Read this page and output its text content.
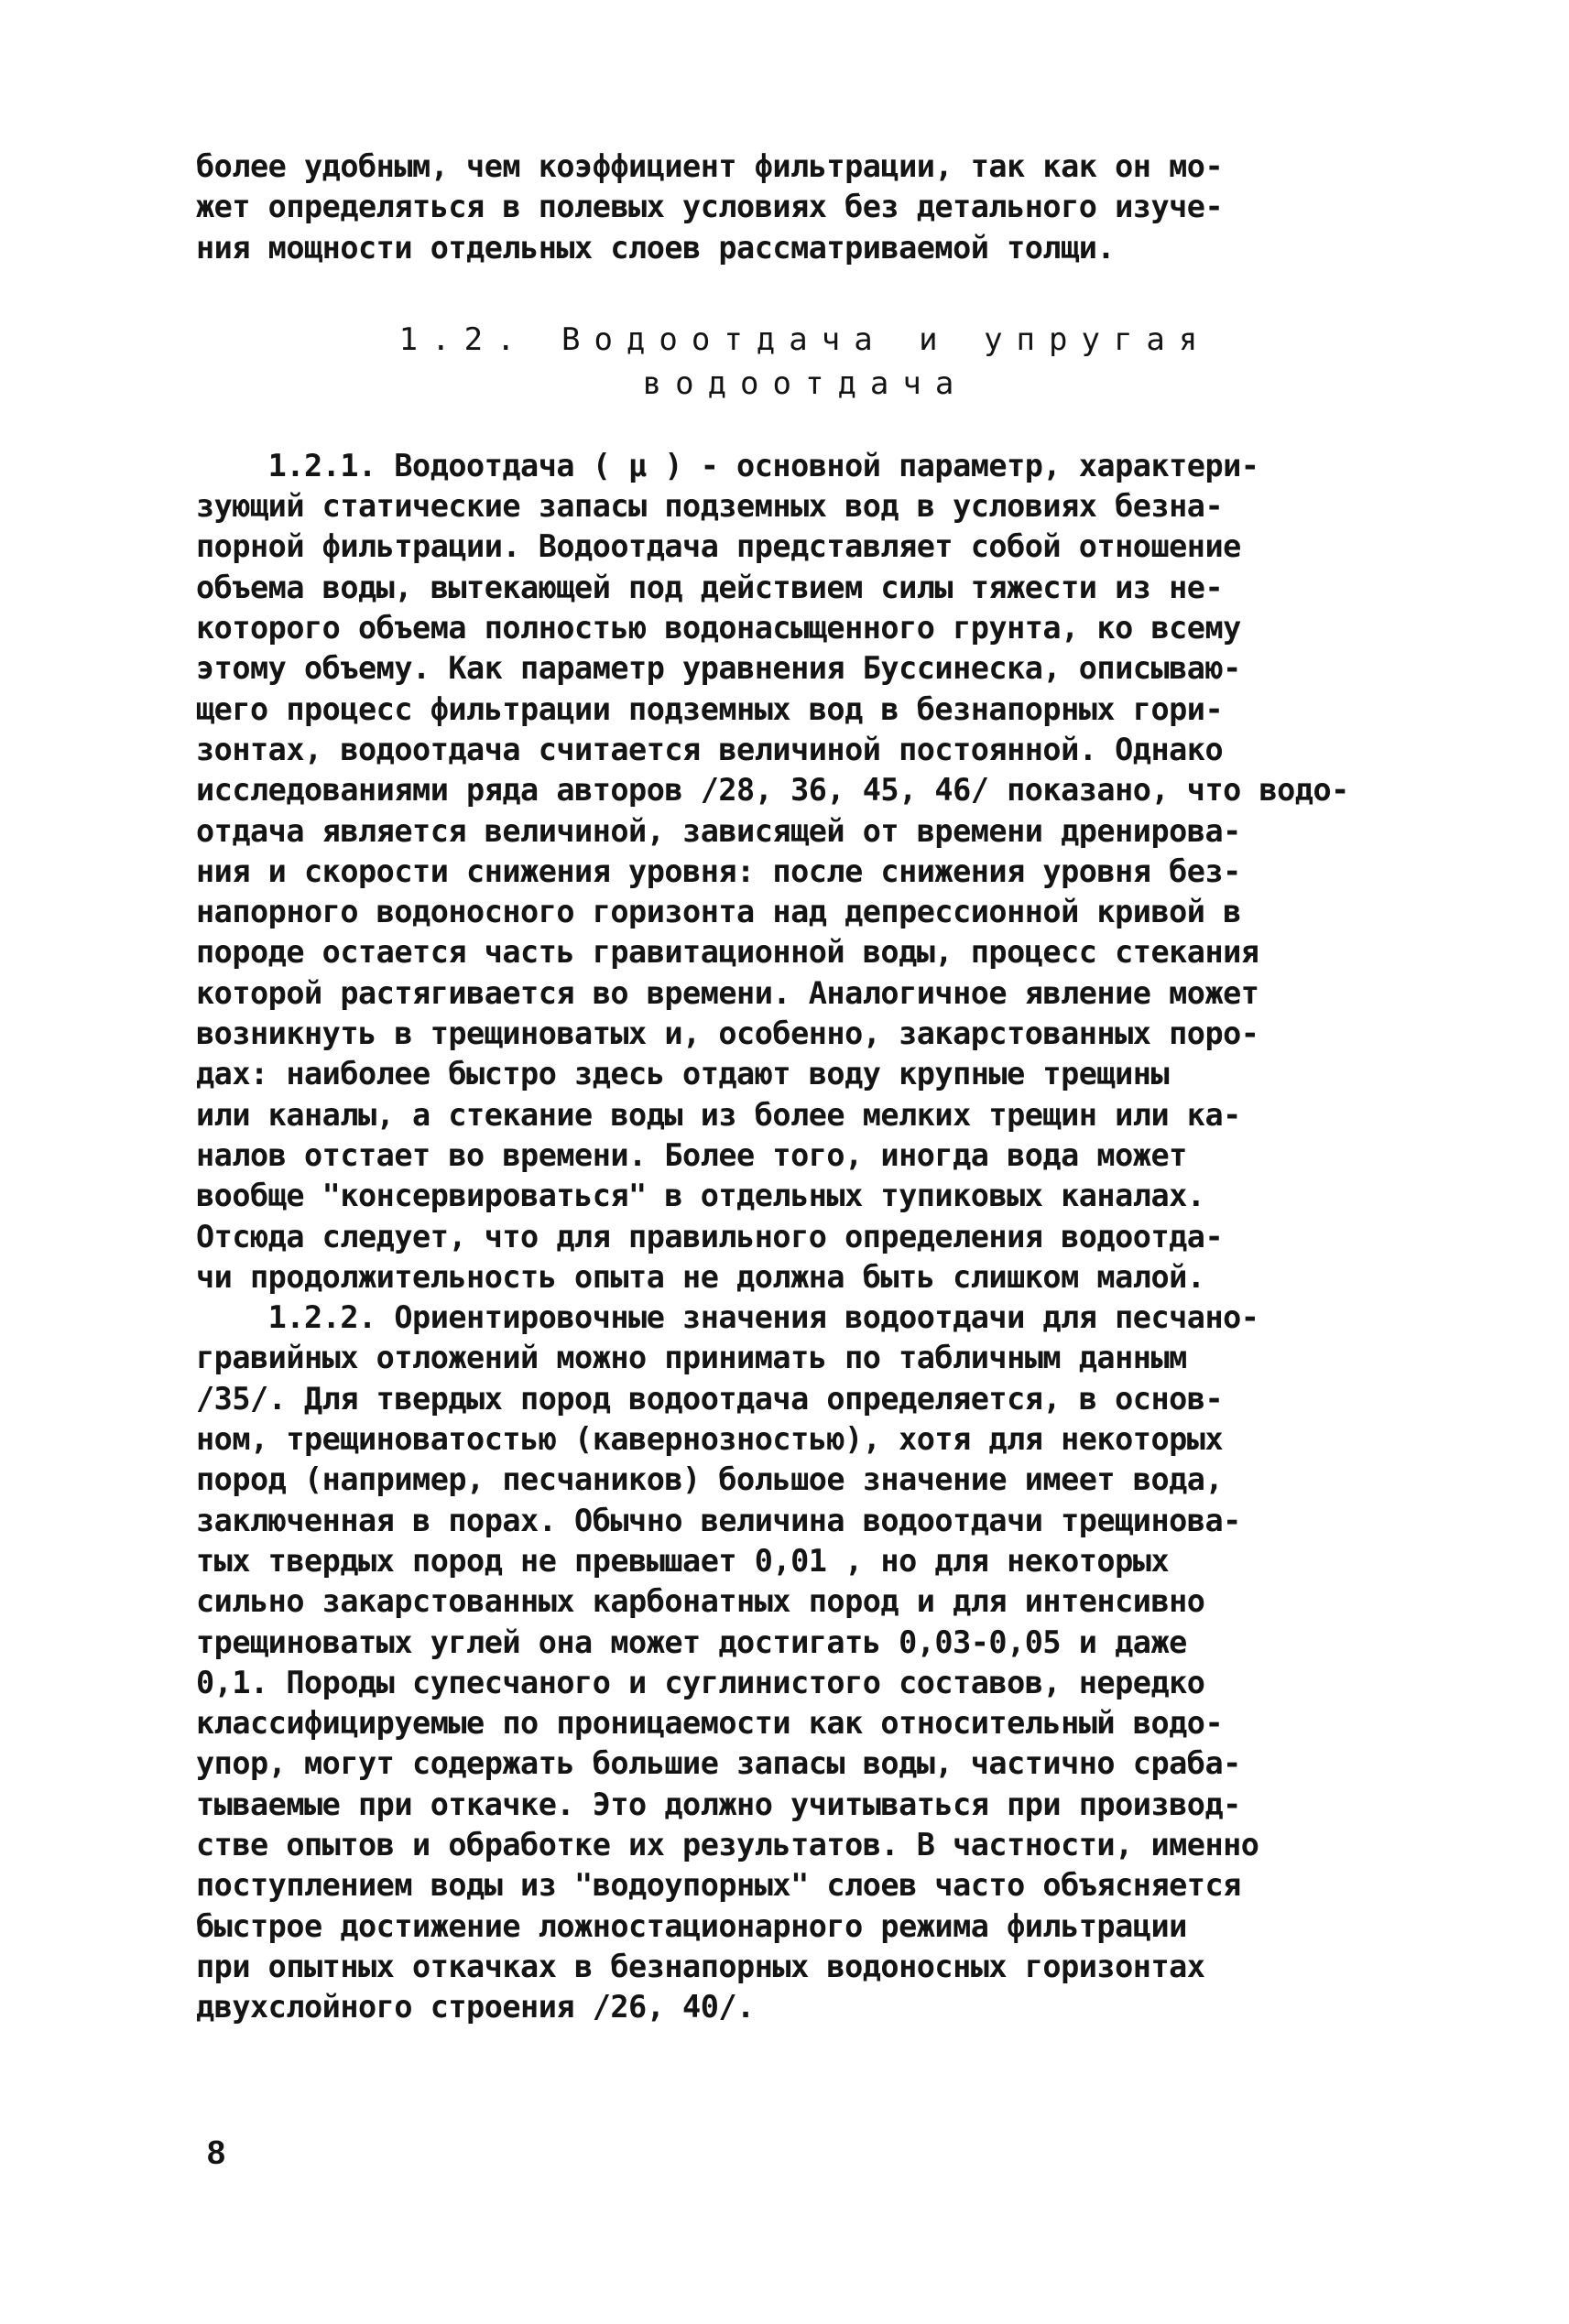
более удобным, чем коэффициент фильтрации, так как он мо-
жет определяться в полевых условиях без детального изуче-
ния мощности отдельных слоев рассматриваемой толщи.
1.2. Водоотдача и упругая
водоотдача
1.2.1. Водоотдача ( μ ) - основной параметр, характери-
зующий статические запасы подземных вод в условиях безна-
порной фильтрации. Водоотдача представляет собой отношение
объема воды, вытекающей под действием силы тяжести из не-
которого объема полностью водонасыщенного грунта, ко всему
этому объему. Как параметр уравнения Буссинеска, описываю-
щего процесс фильтрации подземных вод в безнапорных гори-
зонтах, водоотдача считается величиной постоянной. Однако
исследованиями ряда авторов /28, 36, 45, 46/ показано, что водо-
отдача является величиной, зависящей от времени дренирова-
ния и скорости снижения уровня: после снижения уровня без-
напорного водоносного горизонта над депрессионной кривой в
породе остается часть гравитационной воды, процесс стекания
которой растягивается во времени. Аналогичное явление может
возникнуть в трещиноватых и, особенно, закарстованных поро-
дах: наиболее быстро здесь отдают воду крупные трещины
или каналы, а стекание воды из более мелких трещин или ка-
налов отстает во времени. Более того, иногда вода может
вообще "консервироваться" в отдельных тупиковых каналах.
Отсюда следует, что для правильного определения водоотда-
чи продолжительность опыта не должна быть слишком малой.
1.2.2. Ориентировочные значения водоотдачи для песчано-
гравийных отложений можно принимать по табличным данным
/35/. Для твердых пород водоотдача определяется, в основ-
ном, трещиноватостью (кавернозностью), хотя для некоторых
пород (например, песчаников) большое значение имеет вода,
заключенная в порах. Обычно величина водоотдачи трещинова-
тых твердых пород не превышает 0,01 , но для некоторых
сильно закарстованных карбонатных пород и для интенсивно
трещиноватых углей она может достигать 0,03-0,05 и даже
0,1. Породы супесчаного и суглинистого составов, нередко
классифицируемые по проницаемости как относительный водо-
упор, могут содержать большие запасы воды, частично сраба-
тываемые при откачке. Это должно учитываться при производ-
стве опытов и обработке их результатов. В частности, именно
поступлением воды из "водоупорных" слоев часто объясняется
быстрое достижение ложностационарного режима фильтрации
при опытных откачках в безнапорных водоносных горизонтах
двухслойного строения /26, 40/.
8
